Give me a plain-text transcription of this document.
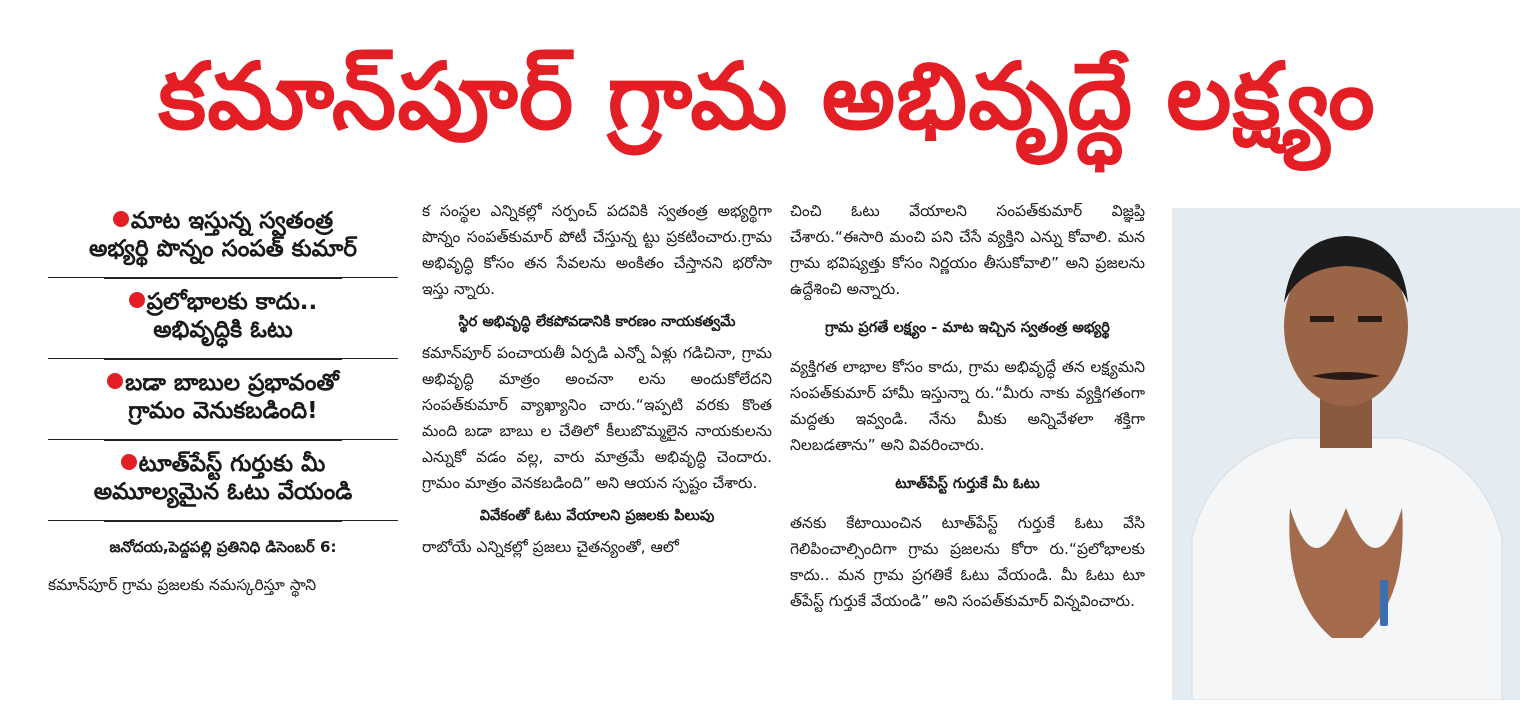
కమాన్‌పూర్ గ్రామ అభివృద్ధే లక్ష్యం
మాట ఇస్తున్న స్వతంత్ర
అభ్యర్థి పొన్నం సంపత్ కుమార్
ప్రలోభాలకు కాదు..
అభివృద్ధికి ఓటు
బడా బాబుల ప్రభావంతో
గ్రామం వెనుకబడింది!
టూత్‌పేస్ట్ గుర్తుకు మీ
అమూల్యమైన ఓటు వేయండి
జనోదయ,పెద్దపల్లి ప్రతినిధి డిసెంబర్ 6:
కమాన్‌పూర్ గ్రామ ప్రజలకు నమస్కరిస్తూ స్థాని
క సంస్థల ఎన్నికల్లో సర్పంచ్ పదవికి స్వతంత్ర అభ్యర్థిగా పొన్నం సంపత్‌కుమార్ పోటీ చేస్తున్న ట్టు ప్రకటించారు.గ్రామ అభివృద్ధి కోసం తన సేవలను అంకితం చేస్తానని భరోసా ఇస్తు న్నారు.
స్థిర అభివృద్ధి లేకపోవడానికి కారణం నాయకత్వమే
కమాన్‌పూర్ పంచాయతీ ఏర్పడి ఎన్నో ఏళ్లు గడిచినా, గ్రామ అభివృద్ధి మాత్రం అంచనా లను అందుకోలేదని సంపత్‌కుమార్ వ్యాఖ్యానిం చారు.“ఇప్పటి వరకు కొంత మంది బడా బాబు ల చేతిలో కీలుబొమ్మలైన నాయకులను ఎన్నుకో వడం వల్ల, వారు మాత్రమే అభివృద్ధి చెందారు. గ్రామం మాత్రం వెనకబడింది” అని ఆయన స్పష్టం చేశారు.
వివేకంతో ఓటు వేయాలని ప్రజలకు పిలుపు
రాబోయే ఎన్నికల్లో ప్రజలు చైతన్యంతో, ఆలో
చించి ఓటు వేయాలని సంపత్‌కుమార్ విజ్ఞప్తి చేశారు.“ఈసారి మంచి పని చేసే వ్యక్తిని ఎన్ను కోవాలి. మన గ్రామ భవిష్యత్తు కోసం నిర్ణయం తీసుకోవాలి” అని ప్రజలను ఉద్దేశించి అన్నారు.
గ్రామ ప్రగతే లక్ష్యం - మాట ఇచ్చిన స్వతంత్ర అభ్యర్థి
వ్యక్తిగత లాభాల కోసం కాదు, గ్రామ అభివృద్ధే తన లక్ష్యమని సంపత్‌కుమార్ హామీ ఇస్తున్నా రు.“మీరు నాకు వ్యక్తిగతంగా మద్దతు ఇవ్వండి. నేను మీకు అన్నివేళలా శక్తిగా నిలబడతాను” అని వివరించారు.
టూత్‌పేస్ట్ గుర్తుకే మీ ఓటు
తనకు కేటాయించిన టూత్‌పేస్ట్ గుర్తుకే ఓటు వేసి గెలిపించాల్సిందిగా గ్రామ ప్రజలను కోరా రు.“ప్రలోభాలకు కాదు.. మన గ్రామ ప్రగతికే ఓటు వేయండి. మీ ఓటు టూ త్‌పేస్ట్ గుర్తుకే వేయండి” అని సంపత్‌కుమార్ విన్నవించారు.
